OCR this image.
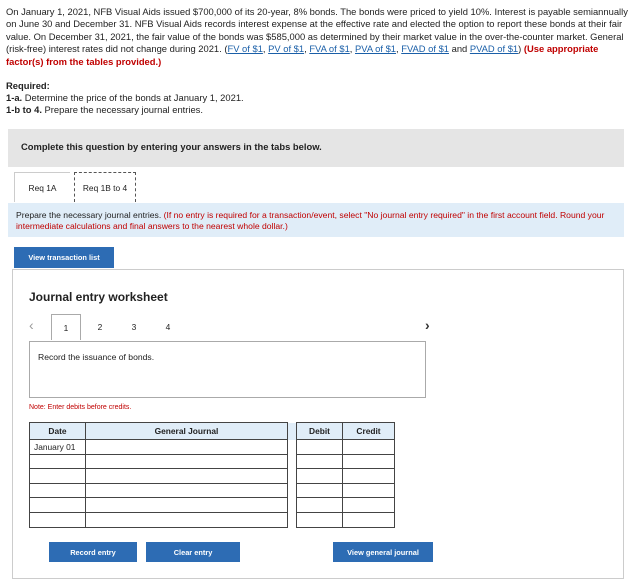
On January 1, 2021, NFB Visual Aids issued $700,000 of its 20-year, 8% bonds. The bonds were priced to yield 10%. Interest is payable semiannually on June 30 and December 31. NFB Visual Aids records interest expense at the effective rate and elected the option to report these bonds at their fair value. On December 31, 2021, the fair value of the bonds was $585,000 as determined by their market value in the over-the-counter market. General (risk-free) interest rates did not change during 2021. (FV of $1, PV of $1, FVA of $1, PVA of $1, FVAD of $1 and PVAD of $1) (Use appropriate factor(s) from the tables provided.)
Required:
1-a. Determine the price of the bonds at January 1, 2021.
1-b to 4. Prepare the necessary journal entries.
Complete this question by entering your answers in the tabs below.
Req 1A	Req 1B to 4
Prepare the necessary journal entries. (If no entry is required for a transaction/event, select "No journal entry required" in the first account field. Round your intermediate calculations and final answers to the nearest whole dollar.)
View transaction list
Journal entry worksheet
‹	1	2	3	4	›
Record the issuance of bonds.
Note: Enter debits before credits.
Date	General Journal		Debit	Credit
January 01				

Record entry	Clear entry	View general journal
